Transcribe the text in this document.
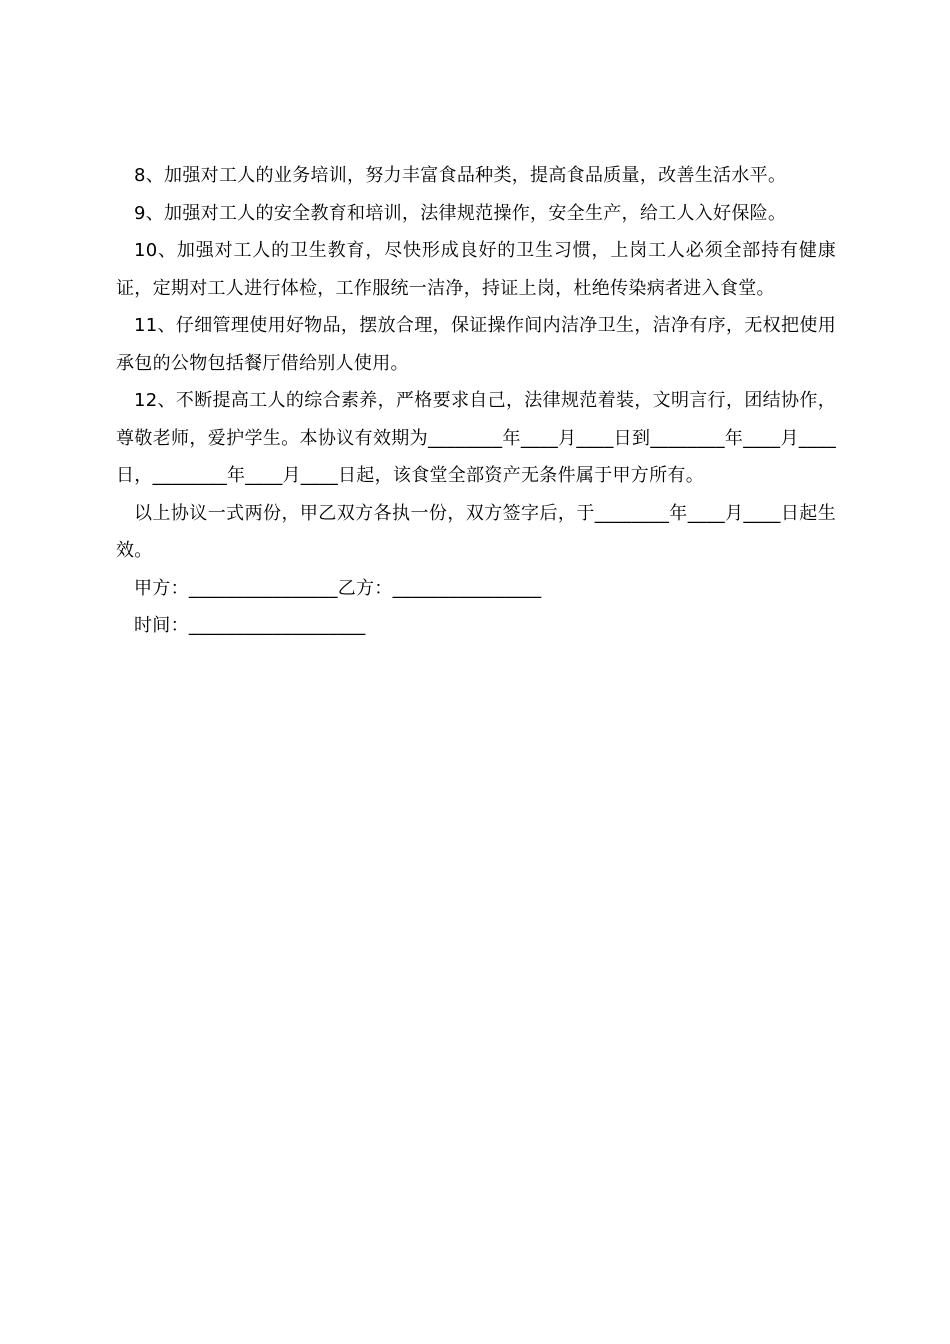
8、加强对工人的业务培训，努力丰富食品种类，提高食品质量，改善生活水平。

9、加强对工人的安全教育和培训，法律规范操作，安全生产，给工人入好保险。

10、加强对工人的卫生教育，尽快形成良好的卫生习惯，上岗工人必须全部持有健康证，定期对工人进行体检，工作服统一洁净，持证上岗，杜绝传染病者进入食堂。

11、仔细管理使用好物品，摆放合理，保证操作间内洁净卫生，洁净有序，无权把使用承包的公物包括餐厅借给别人使用。

12、不断提高工人的综合素养，严格要求自己，法律规范着装，文明言行，团结协作，尊敬老师，爱护学生。本协议有效期为________年____月____日到________年____月____日，________年____月____日起，该食堂全部资产无条件属于甲方所有。

以上协议一式两份，甲乙双方各执一份，双方签字后，于________年____月____日起生效。

甲方：________________乙方：________________

时间：___________________
